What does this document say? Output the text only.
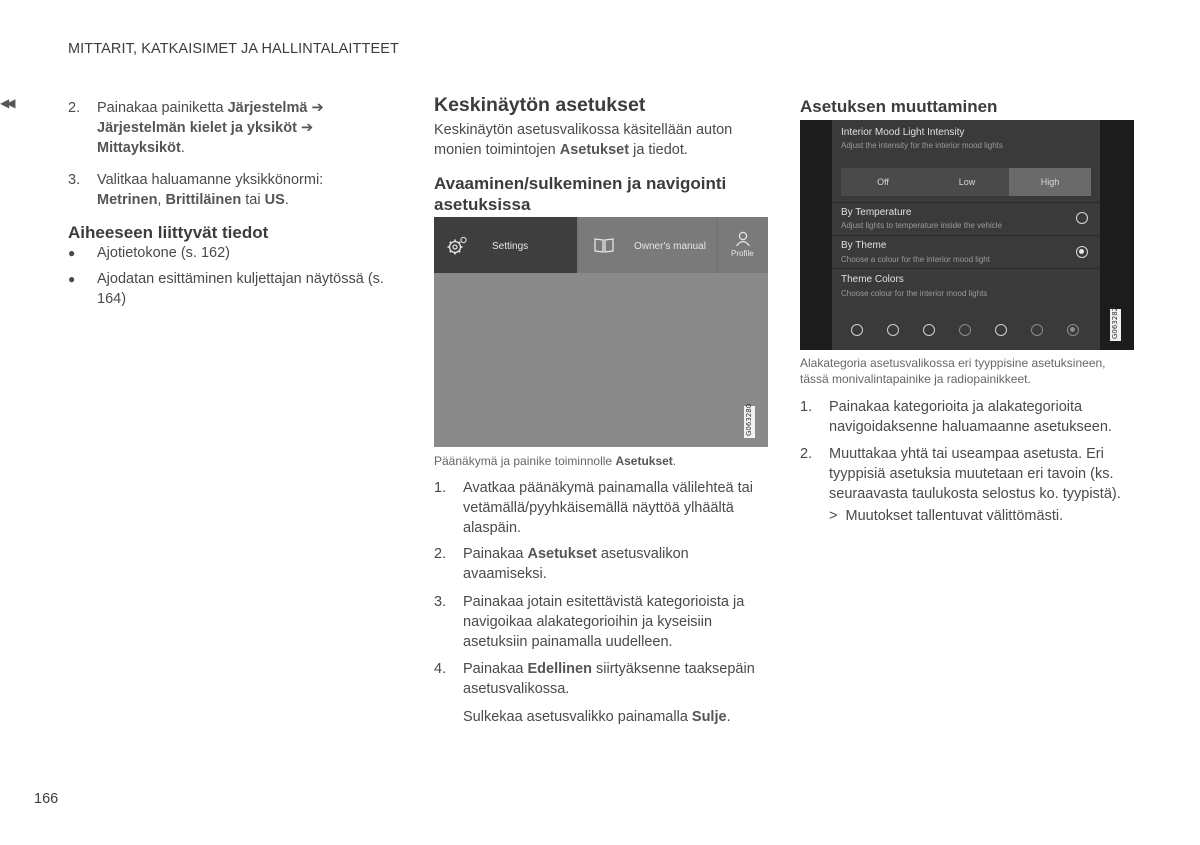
MITTARIT, KATKAISIMET JA HALLINTALAITTEET
◀◀	2. Painakaa painiketta Järjestelmä ➔
Järjestelmän kielet ja yksiköt ➔
Mittayksiköt.
3. Valitkaa haluamanne yksikkönormi:
Metrinen, Brittiläinen tai US.
Aiheeseen liittyvät tiedot
● Ajotietokone (s. 162)
● Ajodatan esittäminen kuljettajan näytössä (s. 164)
Keskinäytön asetukset
Keskinäytön asetusvalikossa käsitellään auton monien toimintojen Asetukset ja tiedot.
Avaaminen/sulkeminen ja navigointi asetuksissa
Settings	Owner's manual
Profile
G063280
Päänäkymä ja painike toiminnolle Asetukset.
1. Avatkaa päänäkymä painamalla välilehteä tai vetämällä/pyyhkäisemällä näyttöä ylhäältä alaspäin.
2. Painakaa Asetukset asetusvalikon avaamiseksi.
3. Painakaa jotain esitettävistä kategorioista ja navigoikaa alakategorioihin ja kyseisiin asetuksiin painamalla uudelleen.
4. Painakaa Edellinen siirtyäksenne taaksepäin asetusvalikossa.
Sulkekaa asetusvalikko painamalla Sulje.
Asetuksen muuttaminen
Interior Mood Light Intensity
Adjust the intensity for the interior mood lights
Off	Low	High
By Temperature
Adjust lights to temperature inside the vehicle
By Theme
Choose a colour for the interior mood light
Theme Colors
Choose colour for the interior mood lights
G063282
Alakategoria asetusvalikossa eri tyyppisine asetuksineen, tässä monivalintapainike ja radiopainikkeet.
1. Painakaa kategorioita ja alakategorioita navigoidaksenne haluamaanne asetukseen.
2. Muuttakaa yhtä tai useampaa asetusta. Eri tyyppisiä asetuksia muutetaan eri tavoin (ks. seuraavasta taulukosta selostus ko. tyypistä).
> Muutokset tallentuvat välittömästi.
166
